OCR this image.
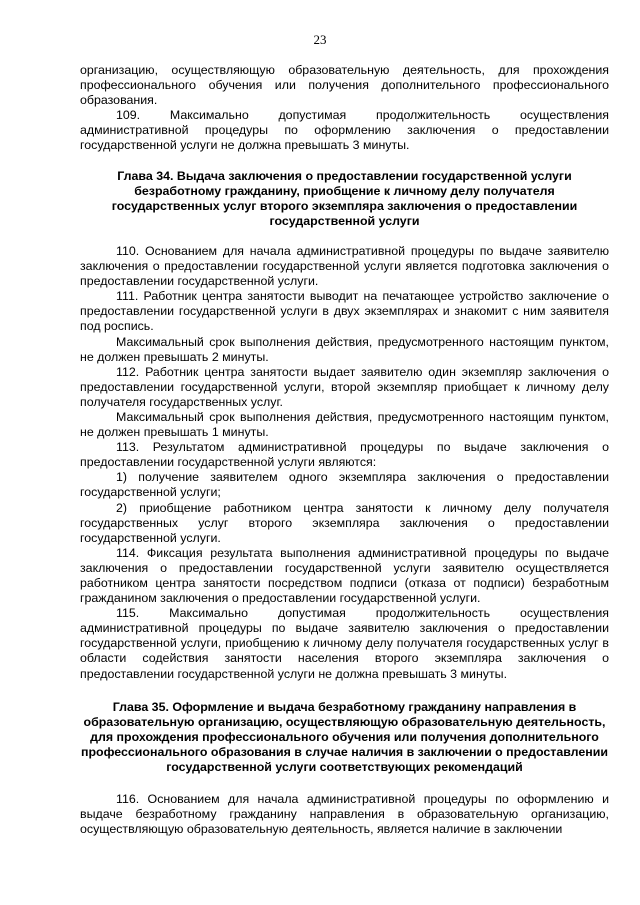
23

организацию, осуществляющую образовательную деятельность, для прохождения профессионального обучения или получения дополнительного профессионального образования.

109. Максимально допустимая продолжительность осуществления административной процедуры по оформлению заключения о предоставлении государственной услуги не должна превышать 3 минуты.

Глава 34. Выдача заключения о предоставлении государственной услуги безработному гражданину, приобщение к личному делу получателя государственных услуг второго экземпляра заключения о предоставлении государственной услуги

110. Основанием для начала административной процедуры по выдаче заявителю заключения о предоставлении государственной услуги является подготовка заключения о предоставлении государственной услуги.

111. Работник центра занятости выводит на печатающее устройство заключение о предоставлении государственной услуги в двух экземплярах и знакомит с ним заявителя под роспись.

Максимальный срок выполнения действия, предусмотренного настоящим пунктом, не должен превышать 2 минуты.

112. Работник центра занятости выдает заявителю один экземпляр заключения о предоставлении государственной услуги, второй экземпляр приобщает к личному делу получателя государственных услуг.

Максимальный срок выполнения действия, предусмотренного настоящим пунктом, не должен превышать 1 минуты.

113. Результатом административной процедуры по выдаче заключения о предоставлении государственной услуги являются:

1) получение заявителем одного экземпляра заключения о предоставлении государственной услуги;

2) приобщение работником центра занятости к личному делу получателя государственных услуг второго экземпляра заключения о предоставлении государственной услуги.

114. Фиксация результата выполнения административной процедуры по выдаче заключения о предоставлении государственной услуги заявителю осуществляется работником центра занятости посредством подписи (отказа от подписи) безработным гражданином заключения о предоставлении государственной услуги.

115. Максимально допустимая продолжительность осуществления административной процедуры по выдаче заявителю заключения о предоставлении государственной услуги, приобщению к личному делу получателя государственных услуг в области содействия занятости населения второго экземпляра заключения о предоставлении государственной услуги не должна превышать 3 минуты.

Глава 35. Оформление и выдача безработному гражданину направления в образовательную организацию, осуществляющую образовательную деятельность, для прохождения профессионального обучения или получения дополнительного профессионального образования в случае наличия в заключении о предоставлении государственной услуги соответствующих рекомендаций

116. Основанием для начала административной процедуры по оформлению и выдаче безработному гражданину направления в образовательную организацию, осуществляющую образовательную деятельность, является наличие в заключении
